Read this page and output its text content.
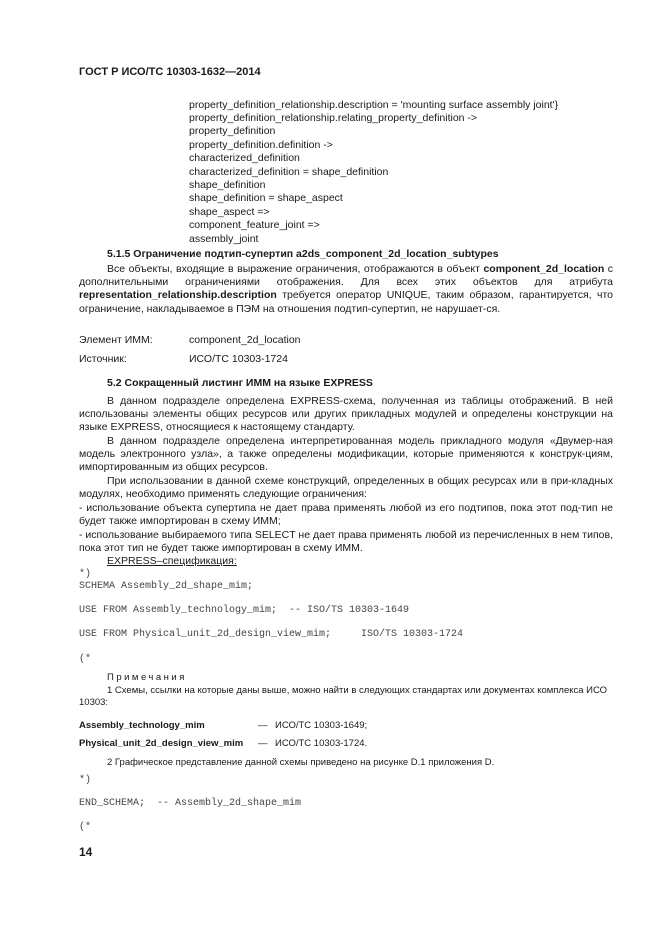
ГОСТ Р ИСО/ТС 10303-1632—2014
property_definition_relationship.description = 'mounting surface assembly joint'}
property_definition_relationship.relating_property_definition ->
property_definition
property_definition.definition ->
characterized_definition
characterized_definition = shape_definition
shape_definition
shape_definition = shape_aspect
shape_aspect =>
component_feature_joint =>
assembly_joint
5.1.5 Ограничение подтип-супертип a2ds_component_2d_location_subtypes
Все объекты, входящие в выражение ограничения, отображаются в объект component_2d_location с дополнительными ограничениями отображения. Для всех этих объектов для атрибута representation_relationship.description требуется оператор UNIQUE, таким образом, гарантируется, что ограничение, накладываемое в ПЭМ на отношения подтип-супертип, не нарушает-ся.
Элемент ИММ:	component_2d_location
Источник:	ИСО/ТС 10303-1724
5.2 Сокращенный листинг ИММ на языке EXPRESS
В данном подразделе определена EXPRESS-схема, полученная из таблицы отображений. В ней использованы элементы общих ресурсов или других прикладных модулей и определены конструкции на языке EXPRESS, относящиеся к настоящему стандарту.
В данном подразделе определена интерпретированная модель прикладного модуля «Двумер-ная модель электронного узла», а также определены модификации, которые применяются к конструк-циям, импортированным из общих ресурсов.
При использовании в данной схеме конструкций, определенных в общих ресурсах или в при-кладных модулях, необходимо применять следующие ограничения:
- использование объекта супертипа не дает права применять любой из его подтипов, пока этот под-тип не будет также импортирован в схему ИММ;
- использование выбираемого типа SELECT не дает права применять любой из перечисленных в нем типов, пока этот тип не будет также импортирован в схему ИММ.
EXPRESS–спецификация:
*)
SCHEMA Assembly_2d_shape_mim;
USE FROM Assembly_technology_mim;  -- ISO/TS 10303-1649
USE FROM Physical_unit_2d_design_view_mim;     ISO/TS 10303-1724
(*
Примечания
1 Схемы, ссылки на которые даны выше, можно найти в следующих стандартах или документах комплекса ИСО 10303:
Assembly_technology_mim	— ИСО/ТС 10303-1649;
Physical_unit_2d_design_view_mim — ИСО/ТС 10303-1724.
2 Графическое представление данной схемы приведено на рисунке D.1 приложения D.
*)
END_SCHEMA;  -- Assembly_2d_shape_mim
(*
14
